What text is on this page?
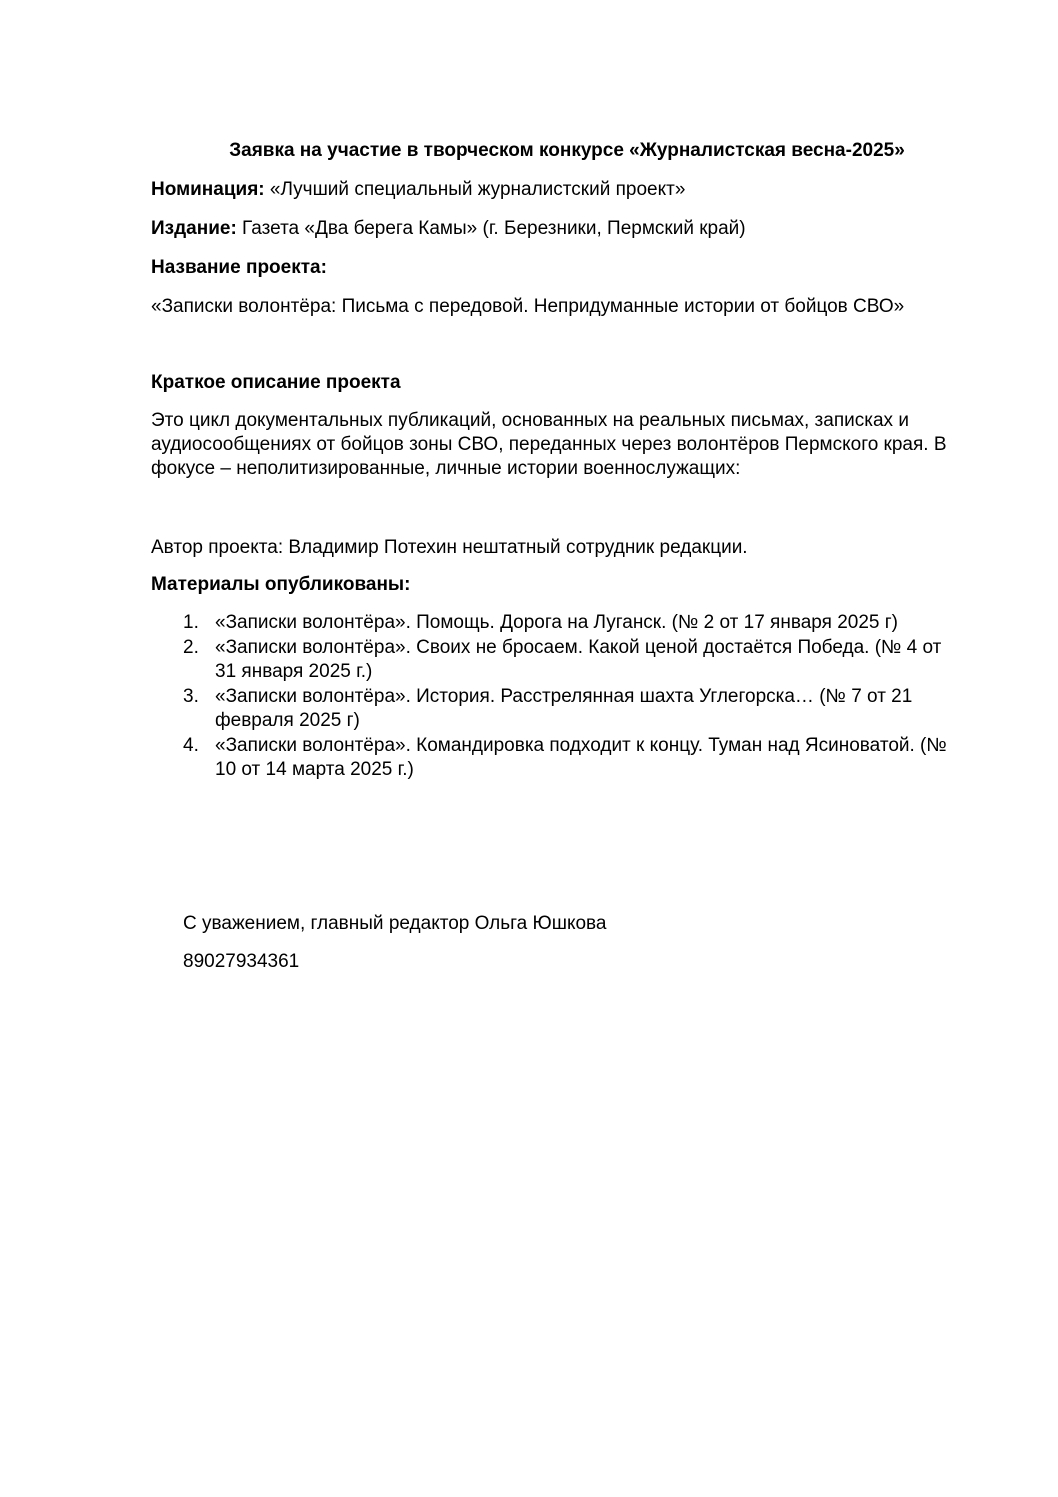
Заявка на участие в творческом конкурсе «Журналистская весна-2025»
Номинация: «Лучший специальный журналистский проект»
Издание: Газета «Два берега Камы» (г. Березники, Пермский край)
Название проекта:
«Записки волонтёра: Письма с передовой. Непридуманные истории от бойцов СВО»
Краткое описание проекта
Это цикл документальных публикаций, основанных на реальных письмах, записках и
аудиосообщениях от бойцов зоны СВО, переданных через волонтёров Пермского края. В
фокусе – неполитизированные, личные истории военнослужащих:
Автор проекта: Владимир Потехин нештатный сотрудник редакции.
Материалы опубликованы:
1. «Записки волонтёра». Помощь. Дорога на Луганск. (№ 2 от 17 января 2025 г)
2. «Записки волонтёра». Своих не бросаем. Какой ценой достаётся Победа. (№ 4 от
31 января 2025 г.)
3. «Записки волонтёра». История. Расстрелянная шахта Углегорска… (№ 7 от 21
февраля 2025 г)
4. «Записки волонтёра». Командировка подходит к концу. Туман над Ясиноватой. (№
10 от 14 марта 2025 г.)
С уважением, главный редактор Ольга Юшкова
89027934361
